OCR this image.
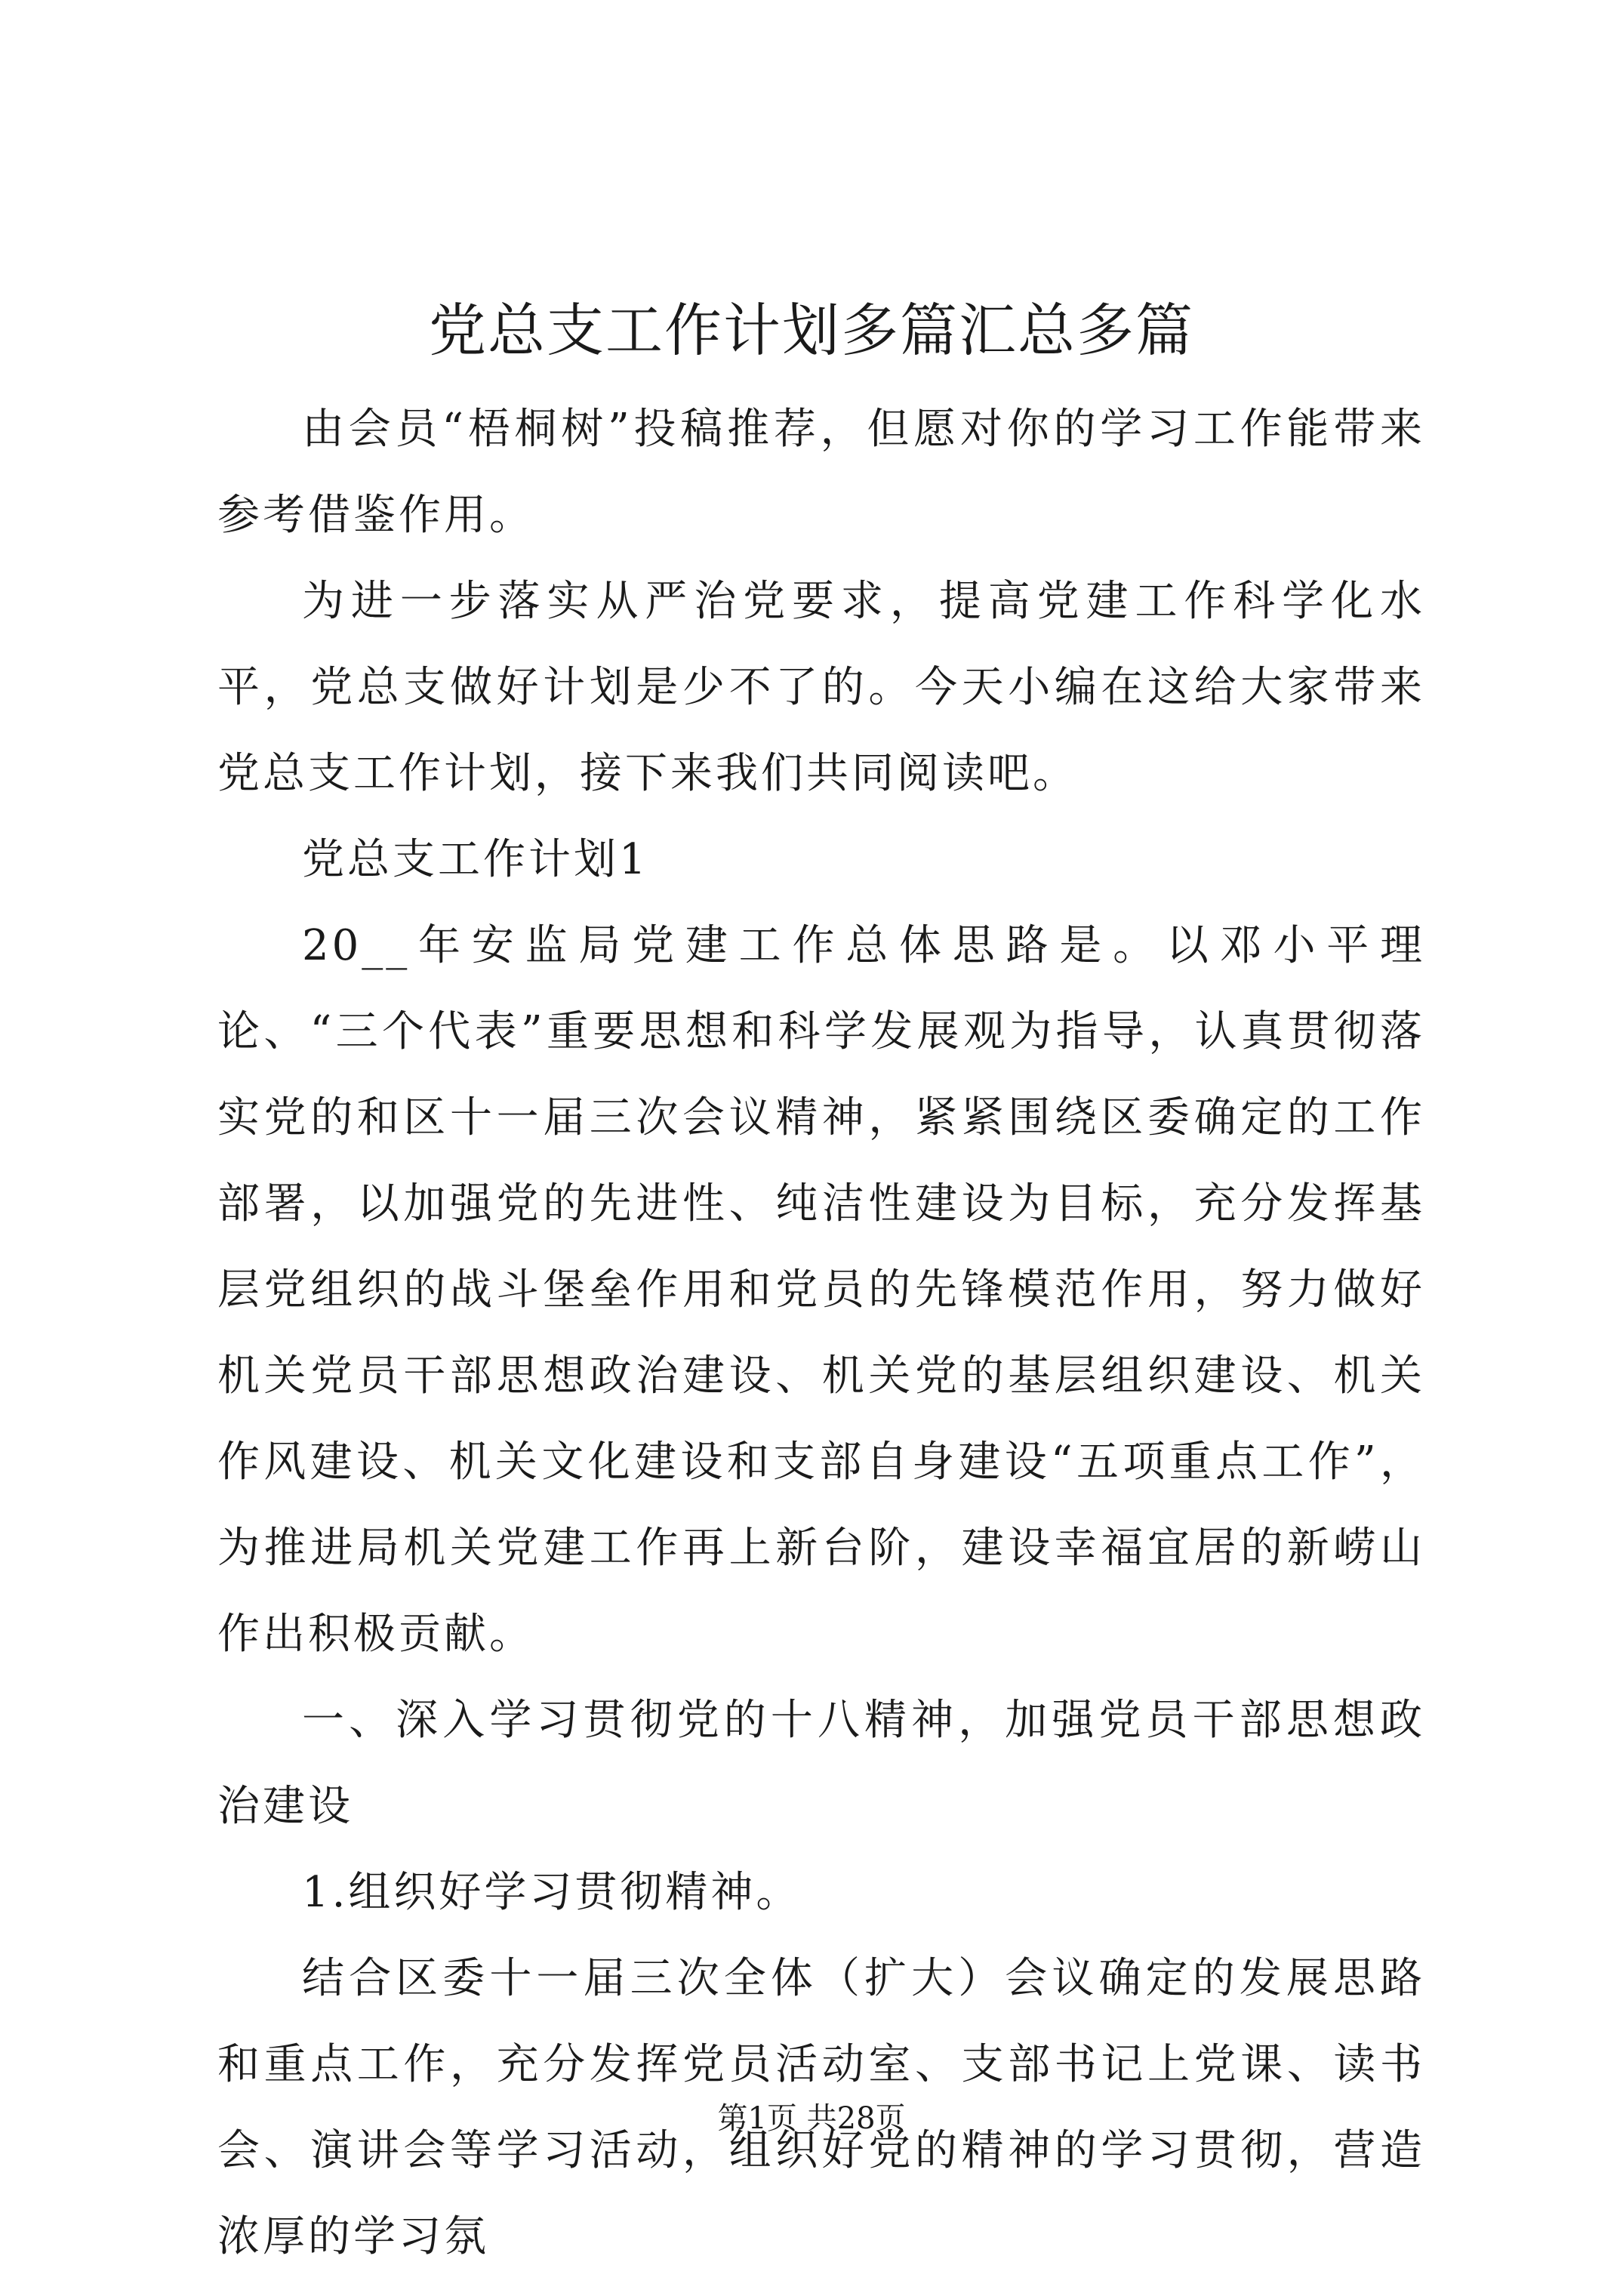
党总支工作计划多篇汇总多篇

由会员“梧桐树”投稿推荐，但愿对你的学习工作能带来参考借鉴作用。

为进一步落实从严治党要求，提高党建工作科学化水平，党总支做好计划是少不了的。今天小编在这给大家带来党总支工作计划，接下来我们共同阅读吧。

党总支工作计划1

20__年安监局党建工作总体思路是。以邓小平理论、“三个代表”重要思想和科学发展观为指导，认真贯彻落实党的和区十一届三次会议精神，紧紧围绕区委确定的工作部署，以加强党的先进性、纯洁性建设为目标，充分发挥基层党组织的战斗堡垒作用和党员的先锋模范作用，努力做好机关党员干部思想政治建设、机关党的基层组织建设、机关作风建设、机关文化建设和支部自身建设“五项重点工作”，为推进局机关党建工作再上新台阶，建设幸福宜居的新崂山作出积极贡献。

一、深入学习贯彻党的十八精神，加强党员干部思想政治建设

1.组织好学习贯彻精神。

结合区委十一届三次全体（扩大）会议确定的发展思路和重点工作，充分发挥党员活动室、支部书记上党课、读书会、演讲会等学习活动，组织好党的精神的学习贯彻，营造浓厚的学习氛

第1页 共28页
